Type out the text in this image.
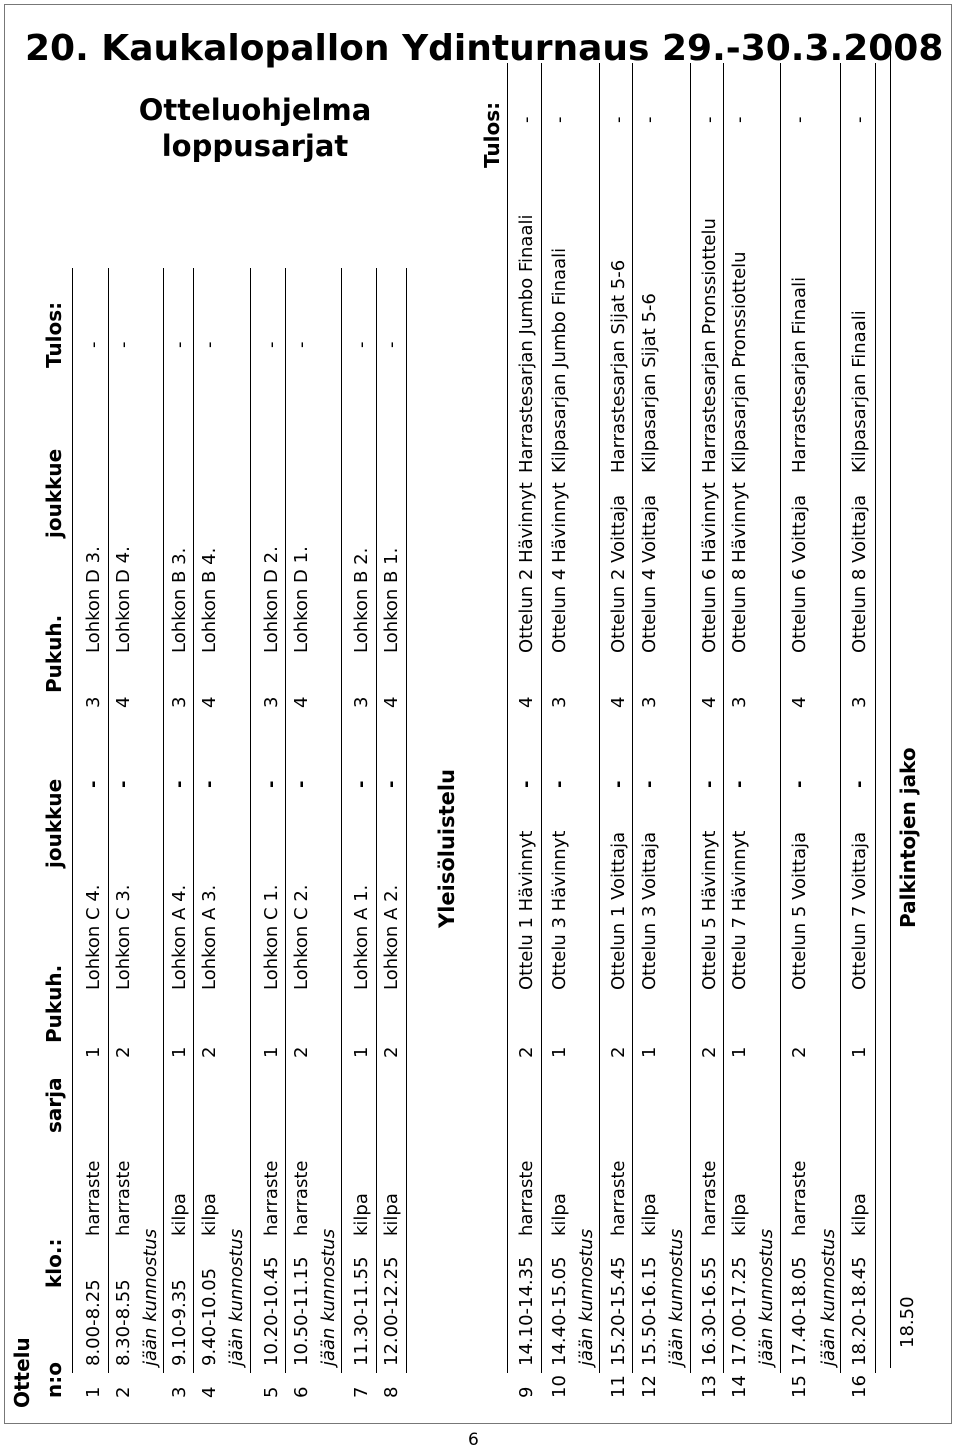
20. Kaukalopallon Ydinturnaus 29.-30.3.2008
Otteluohjelma
loppusarjat
Ottelu n:o
klo.:
sarja
Pukuh.
joukkue
Pukuh.
joukkue
Tulos:
1
8.00-8.25
harraste
1
Lohkon C 4.
-
3
Lohkon D 3.
-
2
8.30-8.55
harraste
2
Lohkon C 3.
-
4
Lohkon D 4.
-
jään kunnostus
3
9.10-9.35
kilpa
1
Lohkon A 4.
-
3
Lohkon B 3.
-
4
9.40-10.05
kilpa
2
Lohkon A 3.
-
4
Lohkon B 4.
-
jään kunnostus
5
10.20-10.45
harraste
1
Lohkon C 1.
-
3
Lohkon D 2.
-
6
10.50-11.15
harraste
2
Lohkon C 2.
-
4
Lohkon D 1.
-
jään kunnostus
7
11.30-11.55
kilpa
1
Lohkon A 1.
-
3
Lohkon B 2.
-
8
12.00-12.25
kilpa
2
Lohkon A 2.
-
4
Lohkon B 1.
-
Yleisöluistelu
Tulos:
9
14.10-14.35
harraste
2
Ottelu 1 Hävinnyt
-
4
Ottelun 2 Hävinnyt
Harrastesarjan Jumbo Finaali
-
10
14.40-15.05
kilpa
1
Ottelu 3 Hävinnyt
-
3
Ottelun 4 Hävinnyt
Kilpasarjan Jumbo Finaali
-
jään kunnostus
11
15.20-15.45
harraste
2
Ottelun 1 Voittaja
-
4
Ottelun 2 Voittaja
Harrastesarjan Sijat 5-6
-
12
15.50-16.15
kilpa
1
Ottelun 3 Voittaja
-
3
Ottelun 4 Voittaja
Kilpasarjan Sijat 5-6
-
jään kunnostus
13
16.30-16.55
harraste
2
Ottelu 5 Hävinnyt
-
4
Ottelun 6 Hävinnyt
Harrastesarjan Pronssiottelu
-
14
17.00-17.25
kilpa
1
Ottelu 7 Hävinnyt
-
3
Ottelun 8 Hävinnyt
Kilpasarjan Pronssiottelu
-
jään kunnostus
15
17.40-18.05
harraste
2
Ottelun 5 Voittaja
-
4
Ottelun 6 Voittaja
Harrastesarjan Finaali
-
jään kunnostus
16
18.20-18.45
kilpa
1
Ottelun 7 Voittaja
-
3
Ottelun 8 Voittaja
Kilpasarjan Finaali
-
18.50
Palkintojen jako
6
